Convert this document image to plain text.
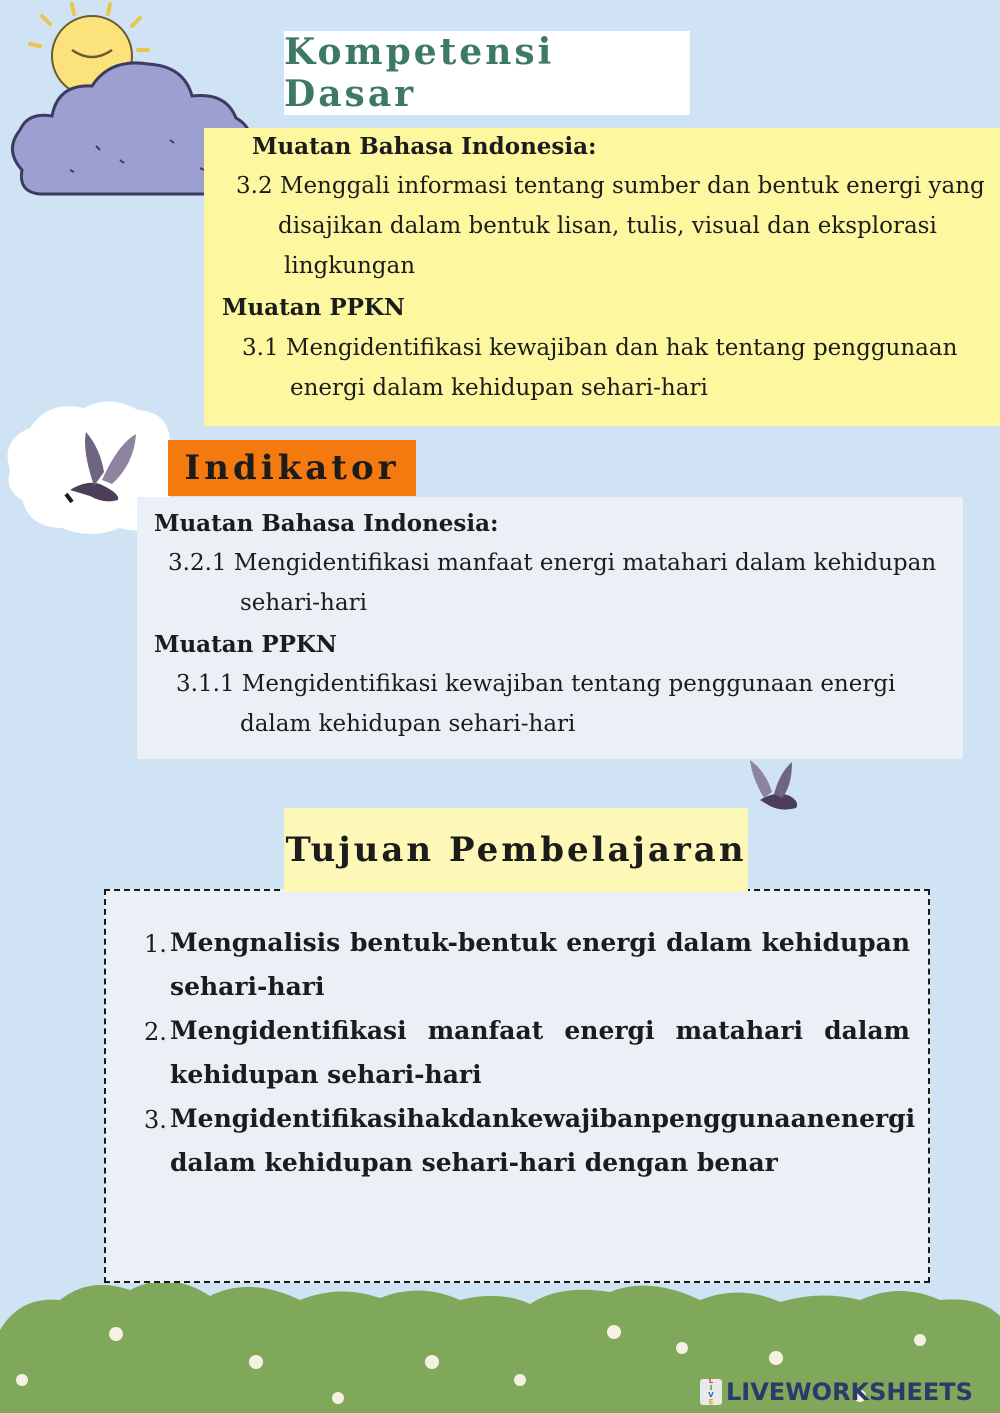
Kompetensi Dasar
Muatan Bahasa Indonesia:
3.2 Menggali informasi tentang sumber dan bentuk energi yang
disajikan dalam bentuk lisan, tulis, visual dan eksplorasi
lingkungan
Muatan PPKN
3.1 Mengidentifikasi kewajiban dan hak tentang penggunaan
energi dalam kehidupan sehari-hari
Indikator
Muatan Bahasa Indonesia:
3.2.1 Mengidentifikasi manfaat energi matahari dalam kehidupan
sehari-hari
Muatan PPKN
3.1.1 Mengidentifikasi kewajiban tentang penggunaan energi
dalam kehidupan sehari-hari
Tujuan Pembelajaran
1. Mengnalisis bentuk-bentuk energi dalam kehidupan
sehari-hari
2. Mengidentifikasi manfaat energi matahari dalam
kehidupan sehari-hari
3. Mengidentifikasi hak dan kewajiban penggunaan energi
dalam kehidupan sehari-hari dengan benar
L
I
V
E LIVEWORKSHEETS
